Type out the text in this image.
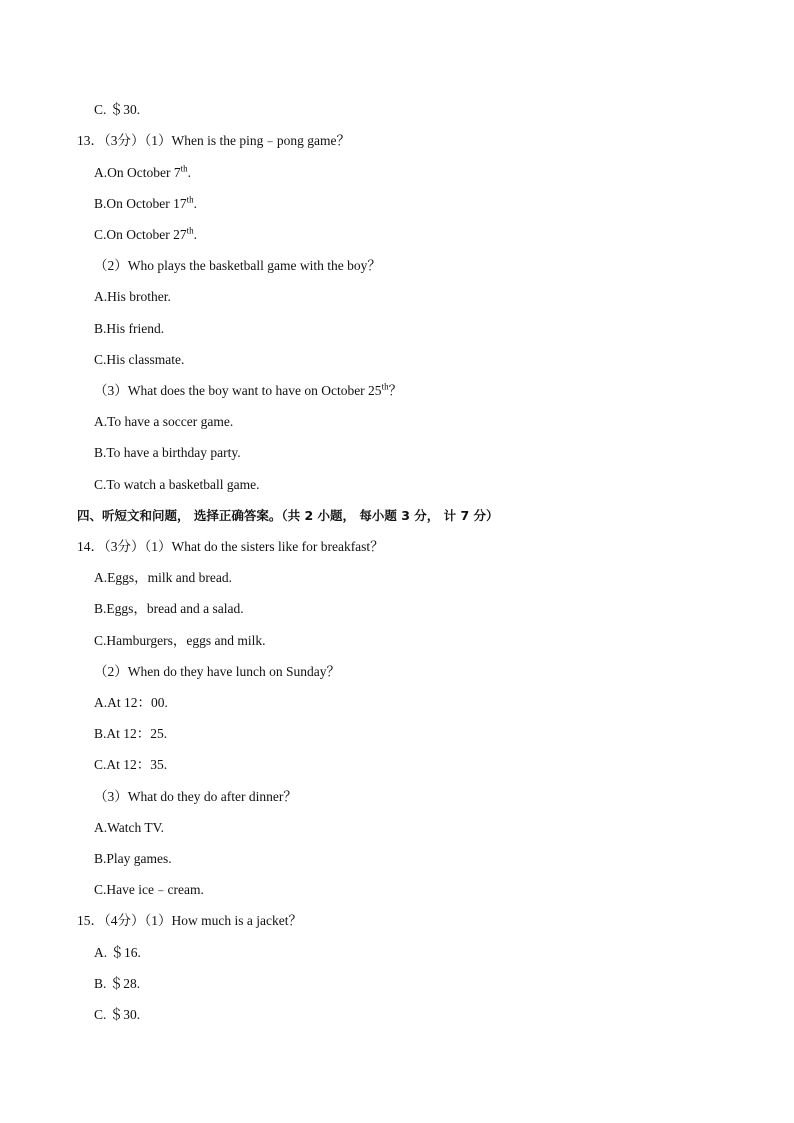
C. ＄30.
13．（3分）（1）When is the ping﹣pong game？
A.On October 7th.
B.On October 17th.
C.On October 27th.
（2）Who plays the basketball game with the boy？
A.His brother.
B.His friend.
C.His classmate.
（3）What does the boy want to have on October 25th？
A.To have a soccer game.
B.To have a birthday party.
C.To watch a basketball game.
四、听短文和问题， 选择正确答案。（共 2 小题， 每小题 3 分， 计 7 分）
14．（3分）（1）What do the sisters like for breakfast？
A.Eggs，milk and bread.
B.Eggs，bread and a salad.
C.Hamburgers，eggs and milk.
（2）When do they have lunch on Sunday？
A.At 12：00.
B.At 12：25.
C.At 12：35.
（3）What do they do after dinner？
A.Watch TV.
B.Play games.
C.Have ice﹣cream.
15．（4分）（1）How much is a jacket？
A. ＄16.
B. ＄28.
C. ＄30.
